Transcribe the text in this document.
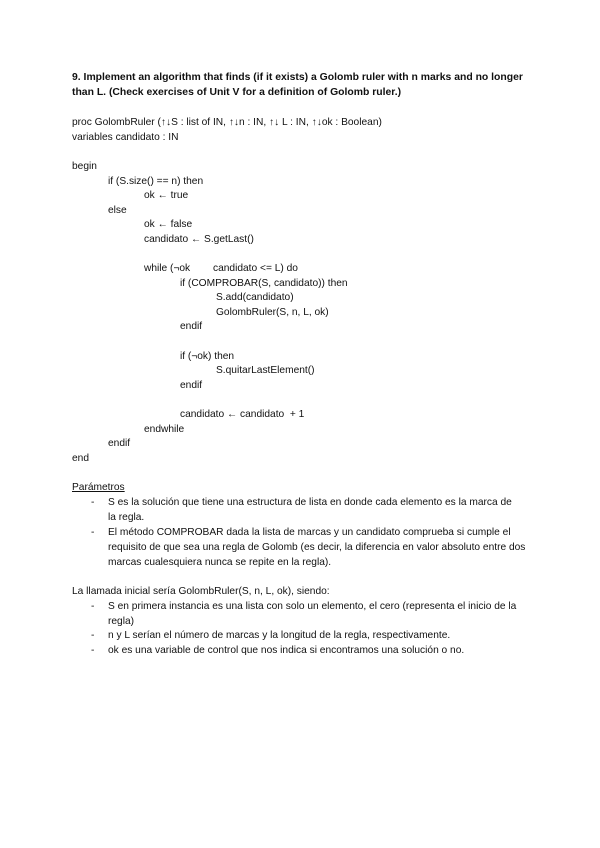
9. Implement an algorithm that finds (if it exists) a Golomb ruler with n marks and no longer than L. (Check exercises of Unit V for a definition of Golomb ruler.)
proc GolombRuler (↑↓S : list of IN, ↑↓n : IN, ↑↓ L : IN, ↑↓ok : Boolean)
variables candidato : IN
begin
if (S.size() == n) then
ok ← true
else
ok ← false
candidato ← S.getLast()
while (¬ok candidato <= L) do
if (COMPROBAR(S, candidato)) then
S.add(candidato)
GolombRuler(S, n, L, ok)
endif
if (¬ok) then
S.quitarLastElement()
endif
candidato ← candidato  + 1
endwhile
endif
end
Parámetros
- S es la solución que tiene una estructura de lista en donde cada elemento es la marca de la regla.
- El método COMPROBAR dada la lista de marcas y un candidato comprueba si cumple el requisito de que sea una regla de Golomb (es decir, la diferencia en valor absoluto entre dos marcas cualesquiera nunca se repite en la regla).
La llamada inicial sería GolombRuler(S, n, L, ok), siendo:
- S en primera instancia es una lista con solo un elemento, el cero (representa el inicio de la regla)
- n y L serían el número de marcas y la longitud de la regla, respectivamente.
- ok es una variable de control que nos indica si encontramos una solución o no.
